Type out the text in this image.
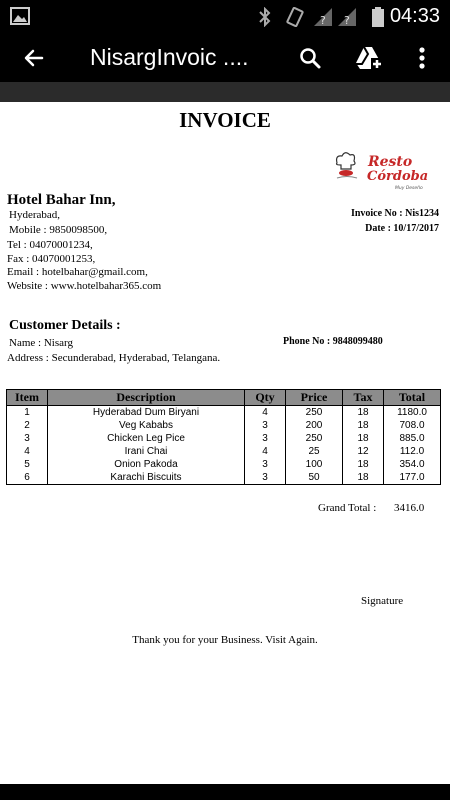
? ? 04:33
NisargInvoic ....
INVOICE
Resto
Córdoba
Muy Deseño
Hotel Bahar Inn,
Hyderabad,
Mobile : 9850098500,
Tel : 04070001234,
Fax : 04070001253,
Email : hotelbahar@gmail.com,
Website : www.hotelbahar365.com
Invoice No : Nis1234
Date : 10/17/2017
Customer Details :
Name : Nisarg	Phone No : 9848099480
Address : Secunderabad, Hyderabad, Telangana.
Item	Description	Qty	Price	Tax	Total
1	Hyderabad Dum Biryani	4	250	18	1180.0
2	Veg Kababs	3	200	18	708.0
3	Chicken Leg Pice	3	250	18	885.0
4	Irani Chai	4	25	12	112.0
5	Onion Pakoda	3	100	18	354.0
6	Karachi Biscuits	3	50	18	177.0
Grand Total : 3416.0
Signature
Thank you for your Business. Visit Again.
